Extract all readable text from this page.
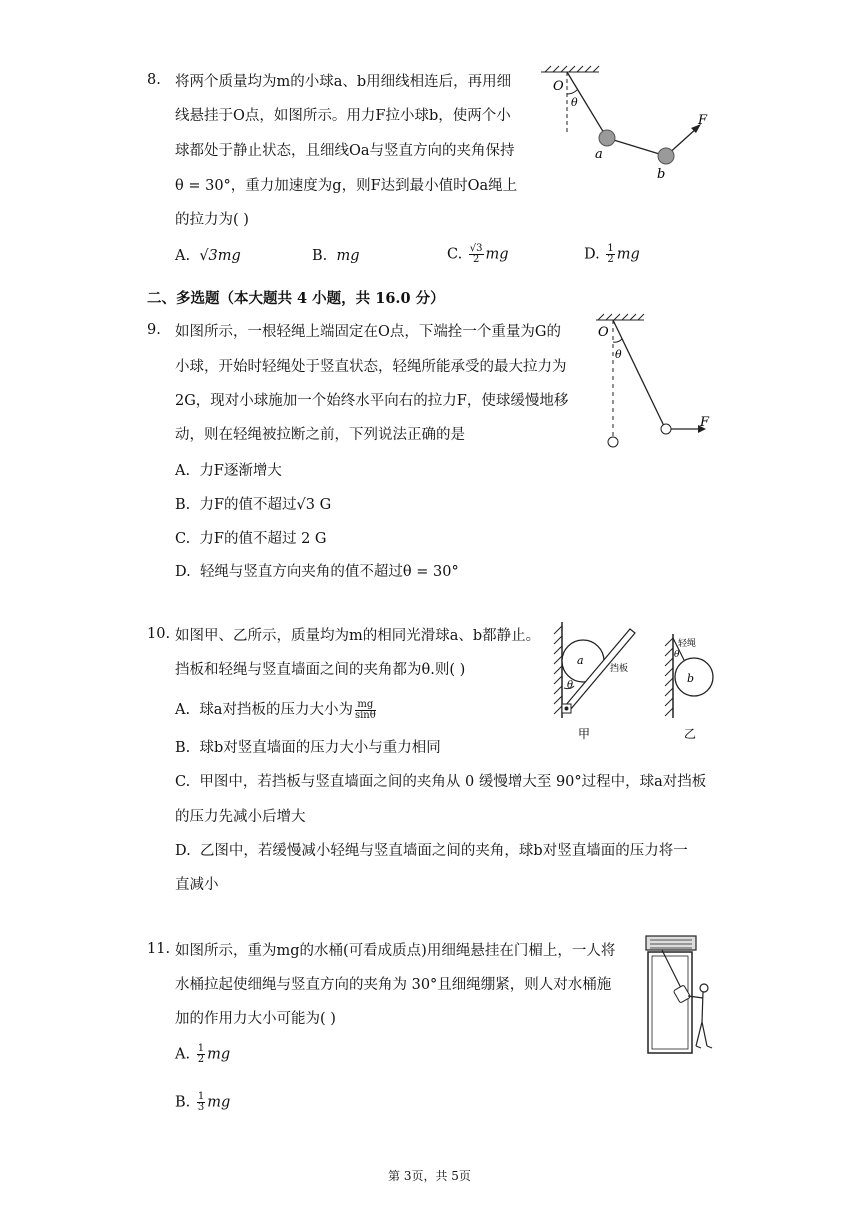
8. 将两个质量均为m的小球a、b用细线相连后，再用细
线悬挂于O点，如图所示。用力F拉小球b，使两个小
球都处于静止状态，且细线Oa与竖直方向的夹角保持
θ = 30°，重力加速度为g，则F达到最小值时Oa绳上
的拉力为( )
A. √3mg	B. mg	C. $\frac{√3}{2}$ mg	D. $\frac{1}{2}$ mg
O
θ
a
b
F
二、多选题（本大题共 4 小题，共 16.0 分）
9. 如图所示，一根轻绳上端固定在O点，下端拴一个重量为G的
小球，开始时轻绳处于竖直状态，轻绳所能承受的最大拉力为
2G，现对小球施加一个始终水平向右的拉力F，使球缓慢地移
动，则在轻绳被拉断之前，下列说法正确的是
A. 力F逐渐增大
B. 力F的值不超过√3 G
C. 力F的值不超过 2 G
D. 轻绳与竖直方向夹角的值不超过θ = 30°
O
θ
F
10. 如图甲、乙所示，质量均为m的相同光滑球a、b都静止。
挡板和轻绳与竖直墙面之间的夹角都为θ.则( )
A. 球a对挡板的压力大小为 $\frac{mg}{\sin\theta}$
B. 球b对竖直墙面的压力大小与重力相同
C. 甲图中，若挡板与竖直墙面之间的夹角从 0 缓慢增大至 90°过程中，球a对挡板
的压力先减小后增大
D. 乙图中，若缓慢减小轻绳与竖直墙面之间的夹角，球b对竖直墙面的压力将一
直减小
a
挡板
θ
甲
轻绳
θ
b
乙
11. 如图所示，重为mg的水桶(可看成质点)用细绳悬挂在门楣上，一人将
水桶拉起使细绳与竖直方向的夹角为 30°且细绳绷紧，则人对水桶施
加的作用力大小可能为( )
A. $\frac{1}{2}$ mg
B. $\frac{1}{3}$ mg
第 3页，共 5页
